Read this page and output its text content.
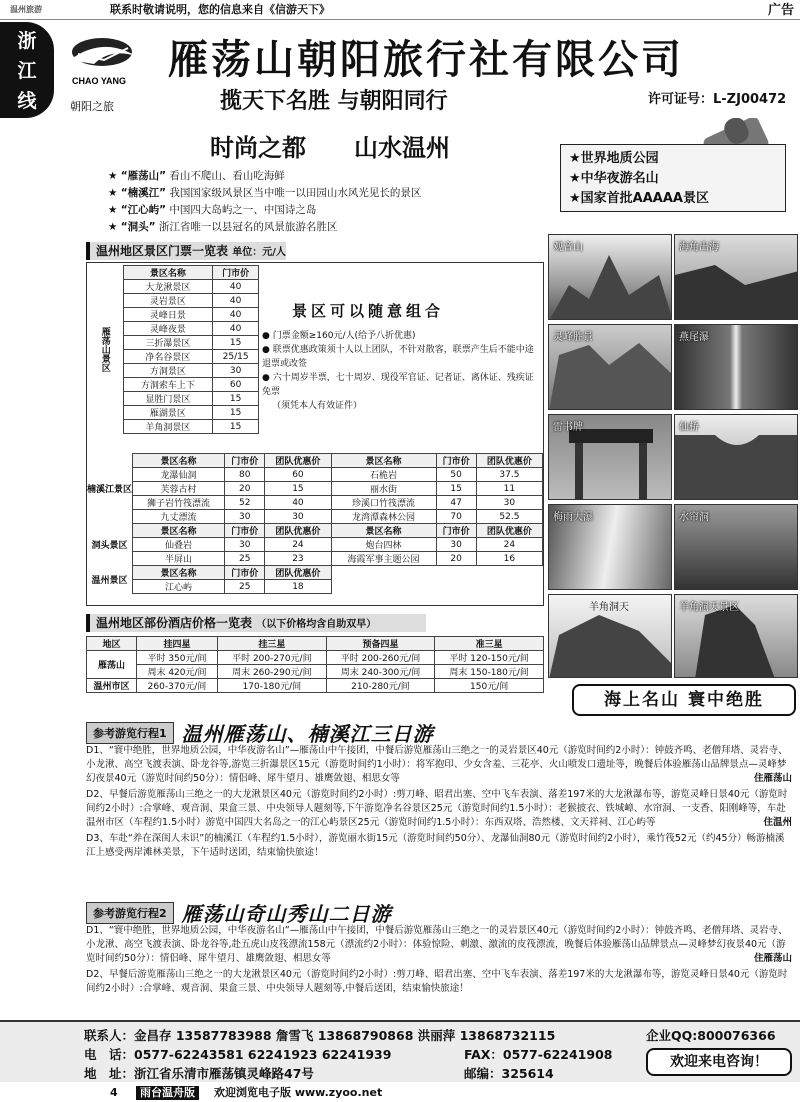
温州旅游	联系时敬请说明，您的信息来自《信游天下》	广告
浙
江
线
CHAO YANG
朝阳之旅
雁荡山朝阳旅行社有限公司
揽天下名胜 与朝阳同行	许可证号：L-ZJ00472
时尚之都 山水温州
★ “雁荡山” 看山不爬山、看山吃海鲜
★ “楠溪江” 我国国家级风景区当中唯一以田园山水风光见长的景区
★ “江心屿” 中国四大岛屿之一、中国诗之岛
★ “洞头” 浙江省唯一以县冠名的风景旅游名胜区
★世界地质公园
★中华夜游名山
★国家首批AAAAA景区
温州地区景区门票一览表 单位：元/人
雁荡山景区	景区名称	门市价
	大龙湫景区	40
	灵岩景区	40
	灵峰日景	40
	灵峰夜景	40
	三折瀑景区	15
	净名谷景区	25/15
	方洞景区	30
	方洞索车上下	60
	显胜门景区	15
	雁湖景区	15
	羊角洞景区	15
楠溪江景区	景区名称	门市价	团队优惠价	景区名称	门市价	团队优惠价
	龙瀑仙洞	80	60	石桅岩	50	37.5
	芙蓉古村	20	15	丽水街	15	11
	狮子岩竹筏漂流	52	40	珍溪口竹筏漂流	47	30
	九丈漂流	30	30	龙湾潭森林公园	70	52.5
洞头景区	景区名称	门市价	团队优惠价	景区名称	门市价	团队优惠价
	仙叠岩	30	24	炮台四林	30	24
	半屏山	25	23	海霞军事主题公园	20	16
温州景区	景区名称	门市价	团队优惠价			
	江心屿	25	18			
景区可以随意组合

● 门票金额≥160元/人(给予八折优惠)

● 联票优惠政策须十人以上团队，不针对散客，联票产生后不能中途退票或改签

● 六十周岁半票，七十周岁、现役军官证、记者证、离休证、残疾证免票

（须凭本人有效证件）

观音山	海角出海
灵峰胜景	燕尾瀑
雷书牌	仙桥
梅雨大瀑	水帘洞
羊角洞天	羊角洞天景区
海上名山 寰中绝胜
温州地区部份酒店价格一览表 （以下价格均含自助双早）
地区	挂四星	挂三星	预备四星	准三星
雁荡山	平时 350元/间	平时 200-270元/间	平时 200-260元/间	平时 120-150元/间
	周末 420元/间	周末 260-290元/间	周末 240-300元/间	周末 150-180元/间
温州市区	260-370元/间	170-180元/间	210-280元/间	150元/间
参考游览行程1 温州雁荡山、楠溪江三日游

D1、“寰中绝胜，世界地质公园，中华夜游名山”—雁荡山中午接团，中餐后游览雁荡山三绝之一的灵岩景区40元（游览时间约2小时）：钟鼓齐鸣、老僧拜塔、灵岩寺、小龙湫、高空飞渡表演、卧龙谷等,游览三折瀑景区15元（游览时间约1小时）：将军抱印、少女含羞、三花亭、火山喷发口遗址等，晚餐后体验雁荡山品牌景点—灵峰梦幻夜景40元（游览时间约50分）：情侣峰、犀牛望月、雄鹰敛翅、相思女等	住雁荡山

D2、早餐后游览雁荡山三绝之一的大龙湫景区40元（游览时间约2小时）:剪刀峰、昭君出塞、空中飞车表演、落差197米的大龙湫瀑布等，游览灵峰日景40元（游览时间约2小时）:合掌峰、观音洞、果盒三景、中央领导人题刻等,下午游览净名谷景区25元（游览时间约1.5小时）：老猴披衣、铁城嶂、水帘洞、一支香、阳刚峰等，车赴温州市区（车程约1.5小时）游览中国四大名岛之一的江心屿景区25元（游览时间约1.5小时）：东西双塔、浩然楼、文天祥祠、江心屿等	住温州

D3、车赴“养在深闺人未识”的楠溪江（车程约1.5小时），游览丽水街15元（游览时间约50分）、龙瀑仙洞80元（游览时间约2小时），乘竹筏52元（约45分）畅游楠溪江上感受两岸滩林美景，下午适时送团，结束愉快旅途！

参考游览行程2 雁荡山奇山秀山二日游

D1、“寰中绝胜，世界地质公园，中华夜游名山”—雁荡山中午接团，中餐后游览雁荡山三绝之一的灵岩景区40元（游览时间约2小时）：钟鼓齐鸣、老僧拜塔、灵岩寺、小龙湫、高空飞渡表演、卧龙谷等,赴五虎山皮筏漂流158元（漂流约2小时）：体验惊险、刺激、激流的皮筏漂流，晚餐后体验雁荡山品牌景点—灵峰梦幻夜景40元（游览时间约50分）：情侣峰、犀牛望月、雄鹰敛翅、相思女等	住雁荡山

D2、早餐后游览雁荡山三绝之一的大龙湫景区40元（游览时间约2小时）:剪刀峰、昭君出塞、空中飞车表演、落差197米的大龙湫瀑布等，游览灵峰日景40元（游览时间约2小时）:合掌峰、观音洞、果盒三景、中央领导人题刻等,中餐后送团，结束愉快旅途！

联系人：金昌存 13587783988 詹雪飞 13868790868 洪丽萍 13868732115	企业QQ:800076366
电　话：0577-62243581 62241923 62241939	FAX：0577-62241908
地　址：浙江省乐清市雁荡镇灵峰路47号	邮编：325614
欢迎来电咨询！
4	雨台温舟版	欢迎浏览电子版 www.zyoo.net
